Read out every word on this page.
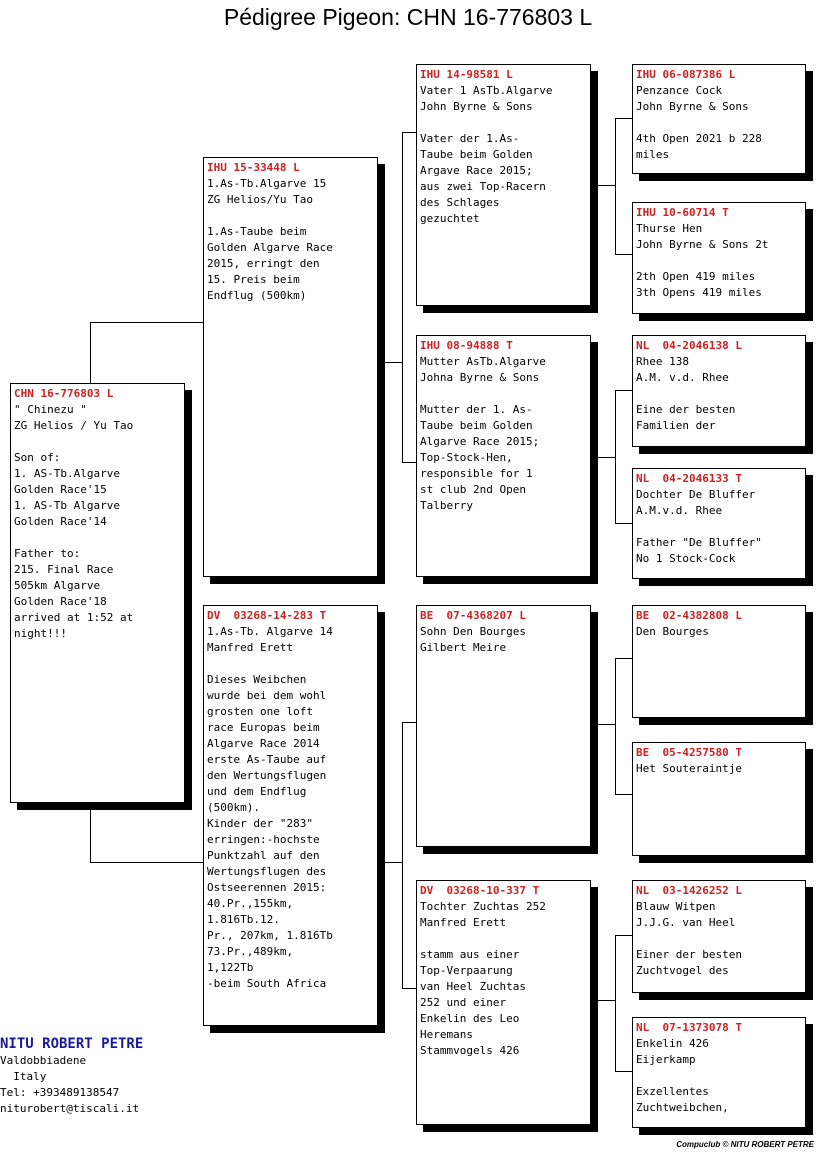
Pédigree Pigeon: CHN 16-776803 L
CHN 16-776803 L
" Chinezu "
ZG Helios / Yu Tao

Son of:
1. AS-Tb.Algarve
Golden Race'15
1. AS-Tb Algarve
Golden Race'14

Father to:
215. Final Race
505km Algarve
Golden Race'18
arrived at 1:52 at
night!!!
IHU 15-33448 L
1.As-Tb.Algarve 15
ZG Helios/Yu Tao

1.As-Taube beim
Golden Algarve Race
2015, erringt den
15. Preis beim
Endflug (500km)
DV  03268-14-283 T
1.As-Tb. Algarve 14
Manfred Erett

Dieses Weibchen
wurde bei dem wohl
grosten one loft
race Europas beim
Algarve Race 2014
erste As-Taube auf
den Wertungsflugen
und dem Endflug
(500km).
Kinder der "283"
erringen:-hochste
Punktzahl auf den
Wertungsflugen des
Ostseerennen 2015:
40.Pr.,155km,
1.816Tb.12.
Pr., 207km, 1.816Tb
73.Pr.,489km,
1,122Tb
-beim South Africa
IHU 14-98581 L
Vater 1 AsTb.Algarve
John Byrne & Sons

Vater der 1.As-
Taube beim Golden
Argave Race 2015;
aus zwei Top-Racern
des Schlages
gezuchtet
IHU 08-94888 T
Mutter AsTb.Algarve
Johna Byrne & Sons

Mutter der 1. As-
Taube beim Golden
Algarve Race 2015;
Top-Stock-Hen,
responsible for 1
st club 2nd Open
Talberry
BE  07-4368207 L
Sohn Den Bourges
Gilbert Meire
DV  03268-10-337 T
Tochter Zuchtas 252
Manfred Erett

stamm aus einer
Top-Verpaarung
van Heel Zuchtas
252 und einer
Enkelin des Leo
Heremans
Stammvogels 426
IHU 06-087386 L
Penzance Cock
John Byrne & Sons

4th Open 2021 b 228
miles
IHU 10-60714 T
Thurse Hen
John Byrne & Sons 2t

2th Open 419 miles
3th Opens 419 miles
NL  04-2046138 L
Rhee 138
A.M. v.d. Rhee

Eine der besten
Familien der
NL  04-2046133 T
Dochter De Bluffer
A.M.v.d. Rhee

Father "De Bluffer"
No 1 Stock-Cock
BE  02-4382808 L
Den Bourges
BE  05-4257580 T
Het Souteraintje
NL  03-1426252 L
Blauw Witpen
J.J.G. van Heel

Einer der besten
Zuchtvogel des
NL  07-1373078 T
Enkelin 426
Eijerkamp

Exzellentes
Zuchtweibchen,
NITU ROBERT PETRE
Valdobbiadene
Italy
Tel: +393489138547
niturobert@tiscali.it
Compuclub © NITU ROBERT PETRE
